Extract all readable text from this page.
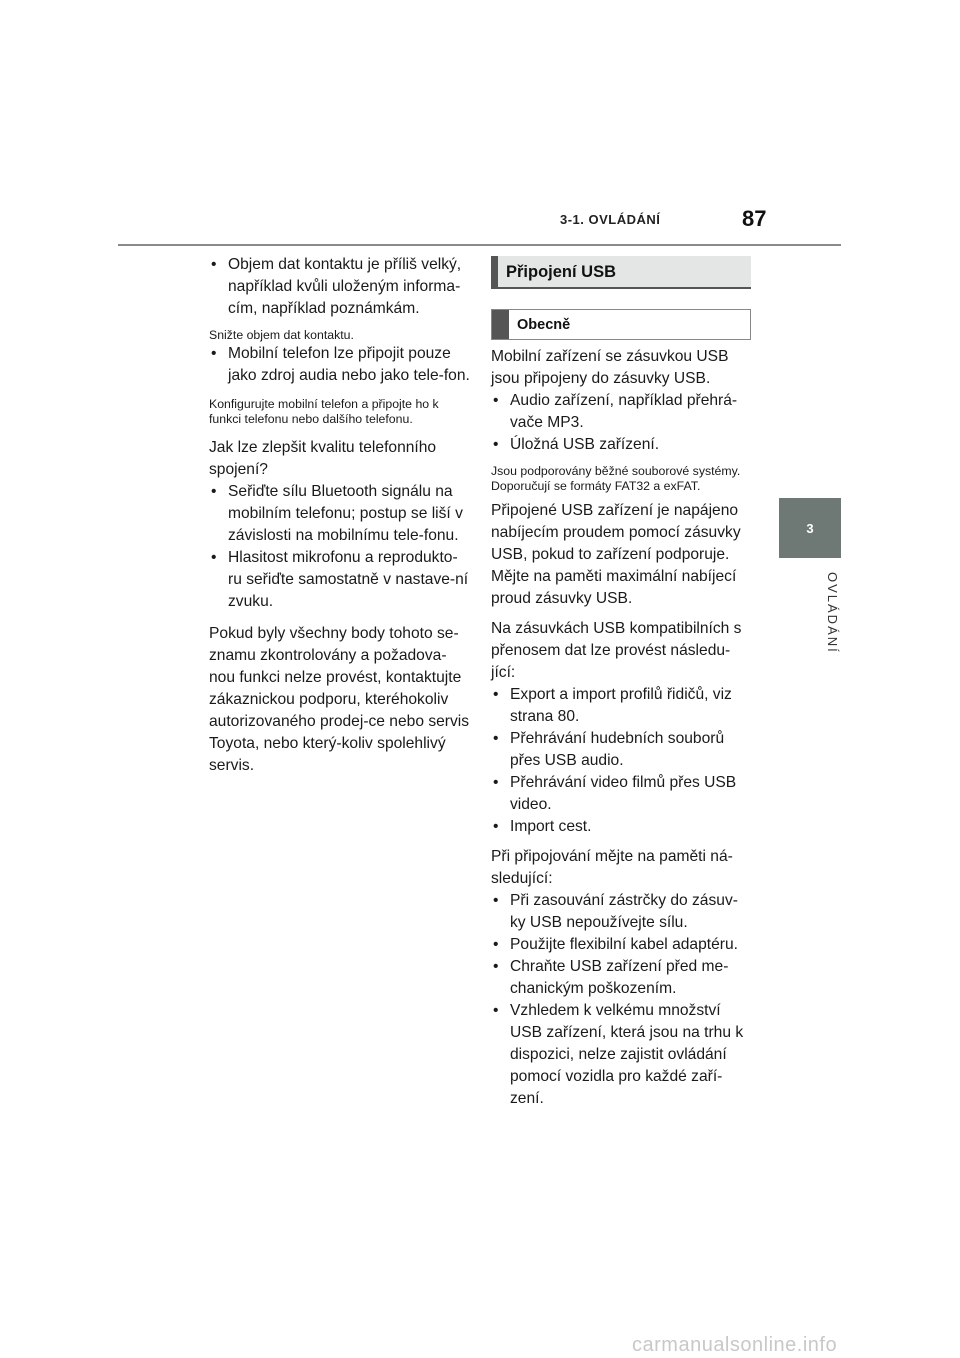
3-1. OVLÁDÁNÍ	87
3
OVLÁDÁNÍ

• Objem dat kontaktu je příliš velký, například kvůli uloženým informa-cím, například poznámkám.

Snižte objem dat kontaktu.

• Mobilní telefon lze připojit pouze jako zdroj audia nebo jako tele-fon.

Konfigurujte mobilní telefon a připojte ho k funkci telefonu nebo dalšího telefonu.

Jak lze zlepšit kvalitu telefonního spojení?

• Seřiďte sílu Bluetooth signálu na mobilním telefonu; postup se liší v závislosti na mobilnímu tele-fonu.

• Hlasitost mikrofonu a reprodukto-ru seřiďte samostatně v nastave-ní zvuku.

Pokud byly všechny body tohoto se-znamu zkontrolovány a požadova-nou funkci nelze provést, kontaktujte zákaznickou podporu, kteréhokoliv autorizovaného prodej-ce nebo servis Toyota, nebo který-koliv spolehlivý servis.

Připojení USB
Obecně

Mobilní zařízení se zásuvkou USB jsou připojeny do zásuvky USB.

• Audio zařízení, například přehrá-vače MP3.

• Úložná USB zařízení.

Jsou podporovány běžné souborové systémy. Doporučují se formáty FAT32 a exFAT.

Připojené USB zařízení je napájeno nabíjecím proudem pomocí zásuvky USB, pokud to zařízení podporuje.

Mějte na paměti maximální nabíjecí proud zásuvky USB.

Na zásuvkách USB kompatibilních s přenosem dat lze provést následu-jící:

• Export a import profilů řidičů, viz strana 80.

• Přehrávání hudebních souborů přes USB audio.

• Přehrávání video filmů přes USB video.

• Import cest.

Při připojování mějte na paměti ná-sledující:

• Při zasouvání zástrčky do zásuv-ky USB nepoužívejte sílu.

• Použijte flexibilní kabel adaptéru.

• Chraňte USB zařízení před me-chanickým poškozením.

• Vzhledem k velkému množství USB zařízení, která jsou na trhu k dispozici, nelze zajistit ovládání pomocí vozidla pro každé zaří-zení.

carmanualsonline.info
